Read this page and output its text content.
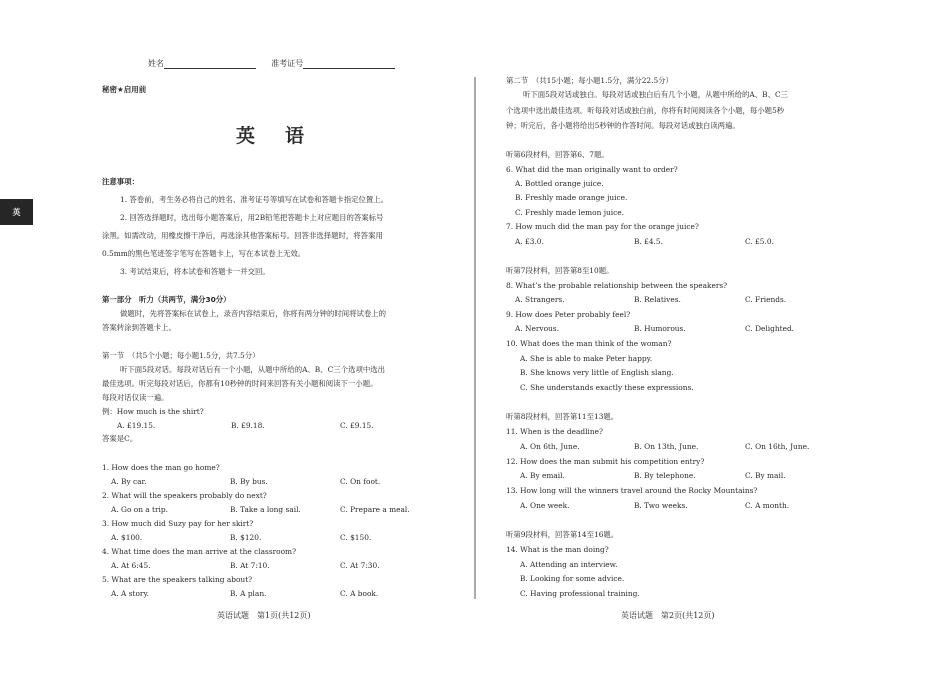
英
姓名	准考证号
秘密★启用前
英语
注意事项：
1. 答卷前，考生务必将自己的姓名、准考证号等填写在试卷和答题卡指定位置上。
2. 回答选择题时，选出每小题答案后，用2B铅笔把答题卡上对应题目的答案标号
涂黑。如需改动，用橡皮擦干净后，再选涂其他答案标号。回答非选择题时，将答案用
0.5mm的黑色笔迹签字笔写在答题卡上，写在本试卷上无效。
3. 考试结束后，将本试卷和答题卡一并交回。
第一部分　听力（共两节，满分30分）
做题时，先将答案标在试卷上，录音内容结束后，你将有两分钟的时间将试卷上的
答案转涂到答题卡上。
第一节　（共5个小题；每小题1.5分，共7.5分）
听下面5段对话。每段对话后有一个小题，从题中所给的A、B、C三个选项中选出
最佳选项。听完每段对话后，你都有10秒钟的时间来回答有关小题和阅读下一小题。
每段对话仅读一遍。
例：How much is the shirt?
A. £19.15.	B. £9.18.	C. £9.15.
答案是C。
1. How does the man go home?
A. By car.	B. By bus.	C. On foot.
2. What will the speakers probably do next?
A. Go on a trip.	B. Take a long sail.	C. Prepare a meal.
3. How much did Suzy pay for her skirt?
A. $100.	B. $120.	C. $150.
4. What time does the man arrive at the classroom?
A. At 6:45.	B. At 7:10.	C. At 7:30.
5. What are the speakers talking about?
A. A story.	B. A plan.	C. A book.
英语试题　第1页(共12页)
第二节　（共15小题；每小题1.5分，满分22.5分）
听下面5段对话或独白。每段对话或独白后有几个小题，从题中所给的A、B、C三
个选项中选出最佳选项。听每段对话或独白前，你将有时间阅读各个小题，每小题5秒
钟；听完后，各小题将给出5秒钟的作答时间。每段对话或独白读两遍。
听第6段材料，回答第6、7题。
6. What did the man originally want to order?
A. Bottled orange juice.
B. Freshly made orange juice.
C. Freshly made lemon juice.
7. How much did the man pay for the orange juice?
A. £3.0.	B. £4.5.	C. £5.0.
听第7段材料，回答第8至10题。
8. What’s the probable relationship between the speakers?
A. Strangers.	B. Relatives.	C. Friends.
9. How does Peter probably feel?
A. Nervous.	B. Humorous.	C. Delighted.
10. What does the man think of the woman?
A. She is able to make Peter happy.
B. She knows very little of English slang.
C. She understands exactly these expressions.
听第8段材料，回答第11至13题。
11. When is the deadline?
A. On 6th, June.	B. On 13th, June.	C. On 16th, June.
12. How does the man submit his competition entry?
A. By email.	B. By telephone.	C. By mail.
13. How long will the winners travel around the Rocky Mountains?
A. One week.	B. Two weeks.	C. A month.
听第9段材料，回答第14至16题。
14. What is the man doing?
A. Attending an interview.
B. Looking for some advice.
C. Having professional training.
英语试题　第2页(共12页)
